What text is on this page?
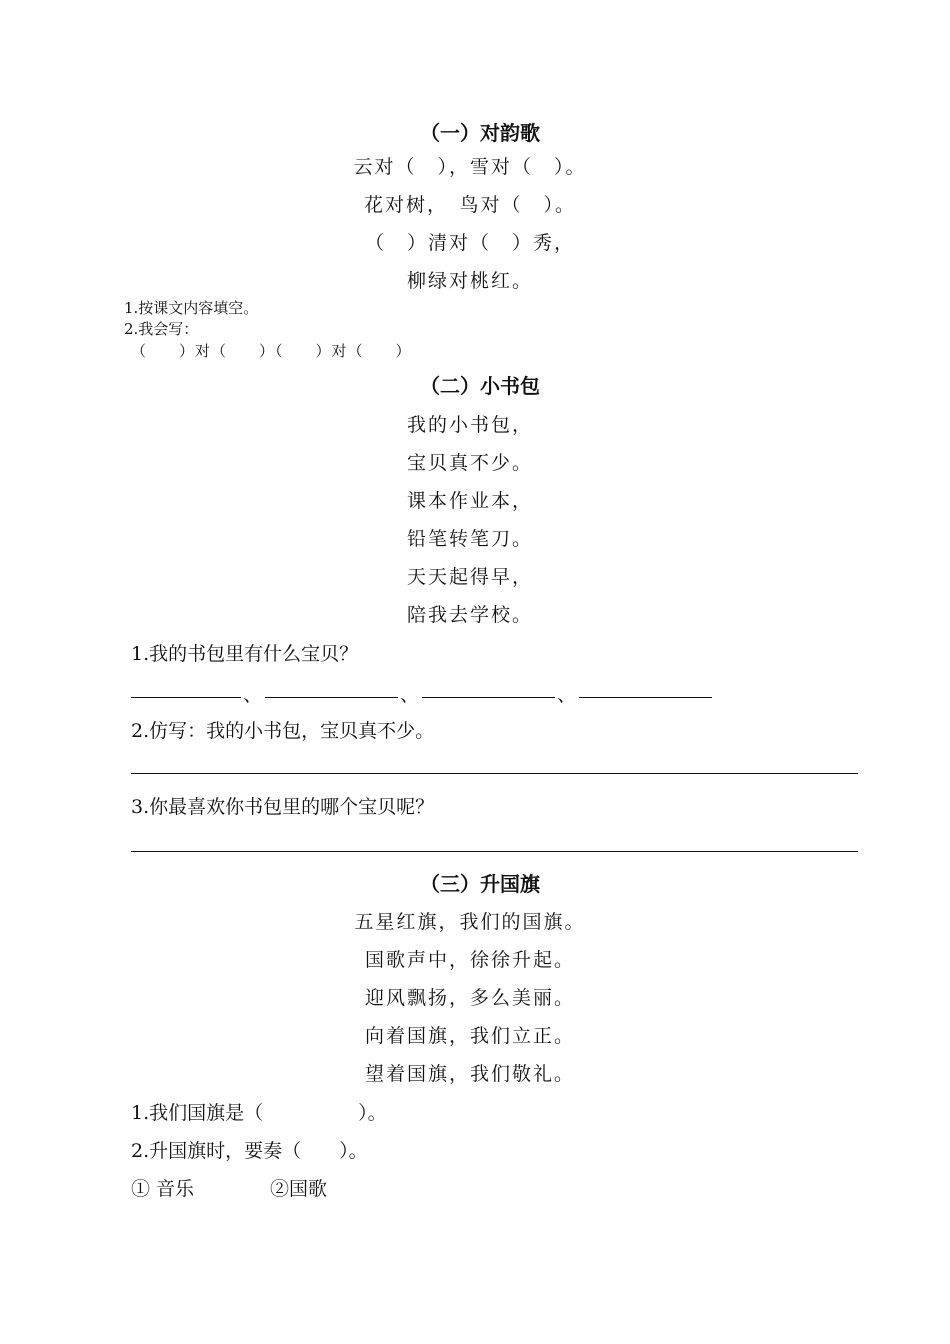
（一）对韵歌
云对（　），雪对（　）。
花对树，　鸟对（　）。
（　）清对（　）秀，
柳绿对桃红。
1.按课文内容填空。
2.我会写：
（　　）对（　　）（　　）对（　　）
（二）小书包
我的小书包，
宝贝真不少。
课本作业本，
铅笔转笔刀。
天天起得早，
陪我去学校。
1.我的书包里有什么宝贝？
、	、	、
2.仿写：我的小书包，宝贝真不少。
3.你最喜欢你书包里的哪个宝贝呢？
（三）升国旗
五星红旗，我们的国旗。
国歌声中，徐徐升起。
迎风飘扬，多么美丽。
向着国旗，我们立正。
望着国旗，我们敬礼。
1.我们国旗是（　　　　　）。
2.升国旗时，要奏（　　）。
① 音乐	②国歌
